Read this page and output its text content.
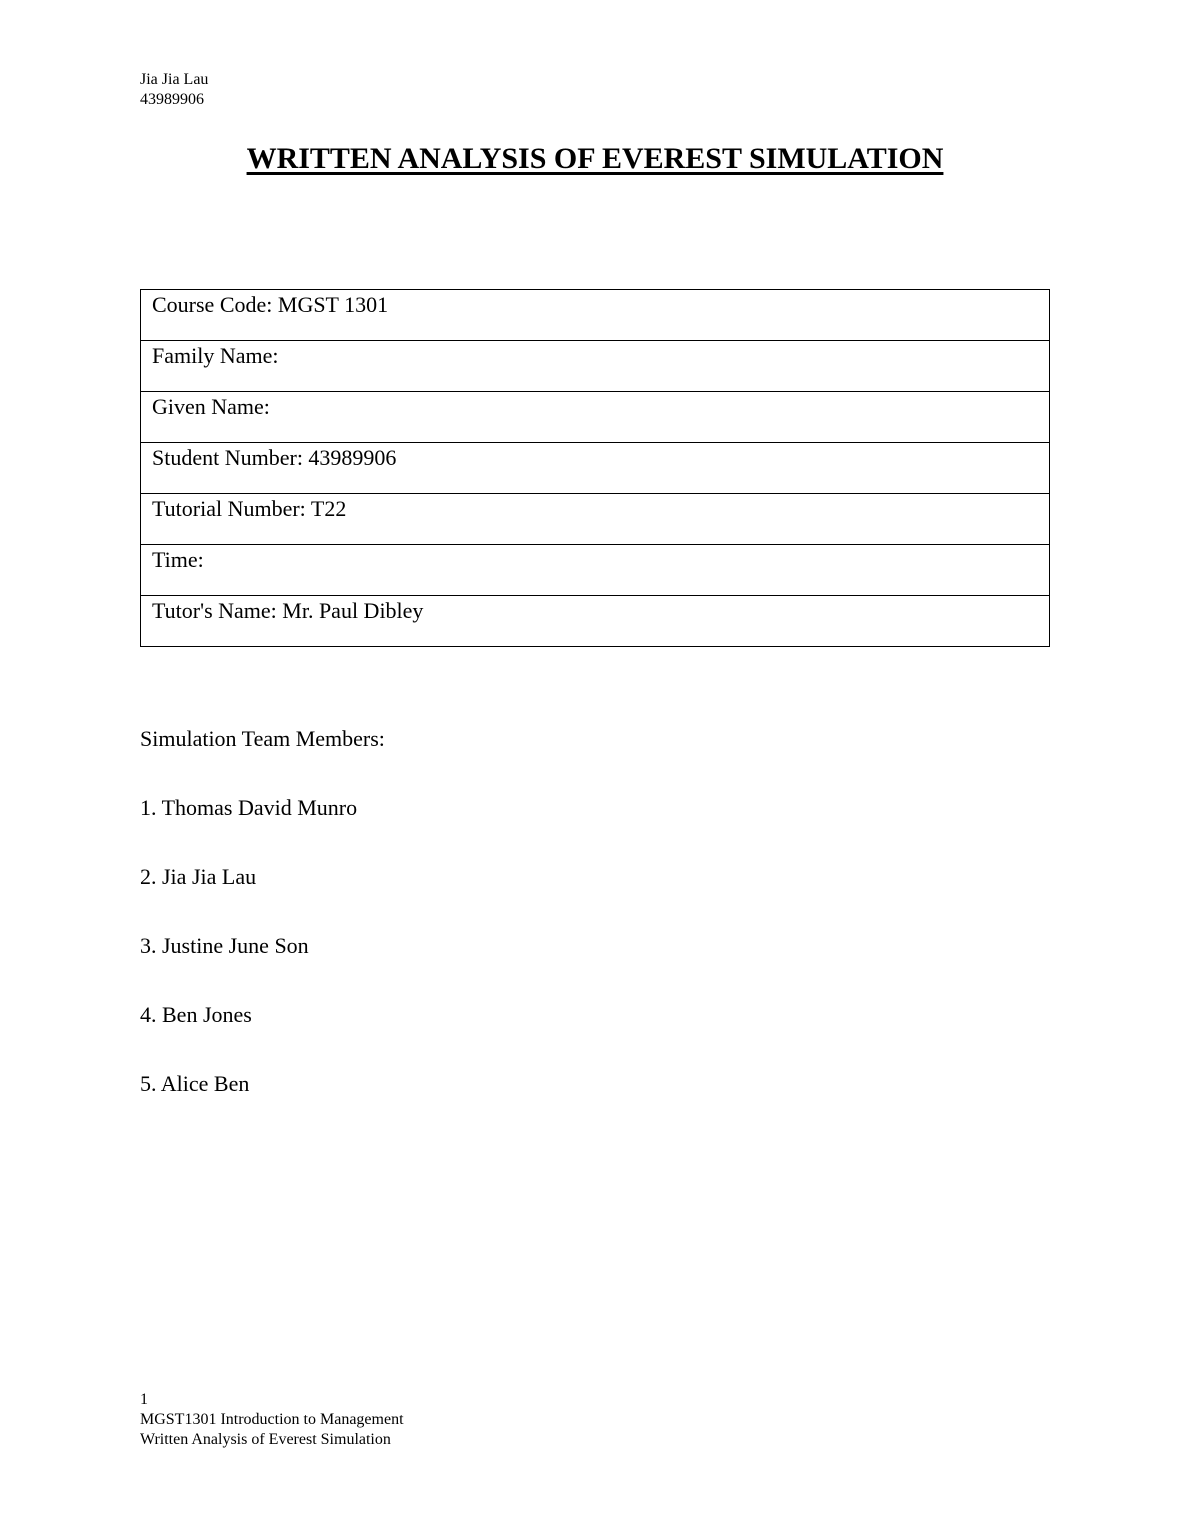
Jia Jia Lau
43989906
WRITTEN ANALYSIS OF EVEREST SIMULATION
Course Code: MGST 1301
Family Name:
Given Name:
Student Number: 43989906
Tutorial Number: T22
Time:
Tutor's Name: Mr. Paul Dibley
Simulation Team Members:
1. Thomas David Munro
2. Jia Jia Lau
3. Justine June Son
4. Ben Jones
5. Alice Ben
1
MGST1301 Introduction to Management
Written Analysis of Everest Simulation
